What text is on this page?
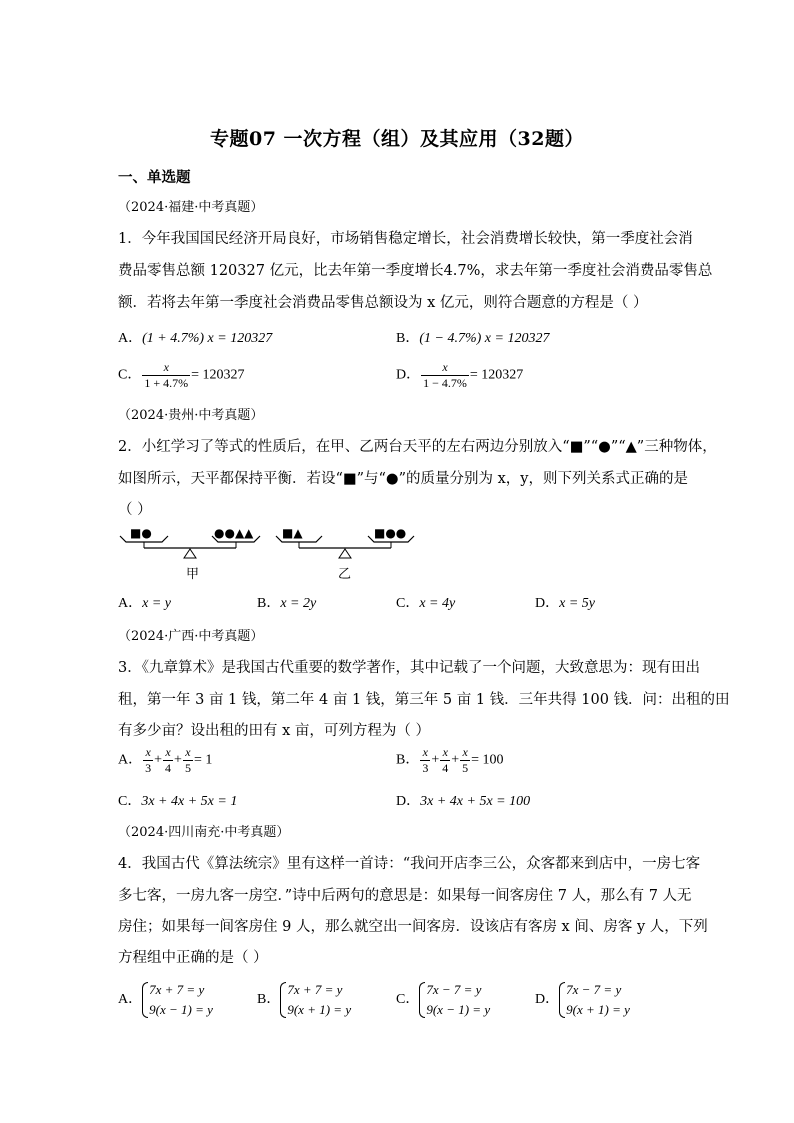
专题07 一次方程（组）及其应用（32题）
一、单选题
（2024·福建·中考真题）
1．今年我国国民经济开局良好，市场销售稳定增长，社会消费增长较快，第一季度社会消
费品零售总额 120327 亿元，比去年第一季度增长4.7%，求去年第一季度社会消费品零售总
额．若将去年第一季度社会消费品零售总额设为 x 亿元，则符合题意的方程是（ ）
A．(1 + 4.7%) x = 120327	B．(1 − 4.7%) x = 120327
C． $\frac{x}{1 + 4.7\%} = 120327$	D． $\frac{x}{1 - 4.7\%} = 120327$
（2024·贵州·中考真题）
2．小红学习了等式的性质后，在甲、乙两台天平的左右两边分别放入“■”“●”“▲”三种物体，
如图所示，天平都保持平衡．若设“■”与“●”的质量分别为 x，y，则下列关系式正确的是
（ ）
■●	●●▲▲
甲
■▲	■●●
乙
A．x = y	B．x = 2y	C．x = 4y	D．x = 5y
（2024·广西·中考真题）
3．《九章算术》是我国古代重要的数学著作，其中记载了一个问题，大致意思为：现有田出
租，第一年 3 亩 1 钱，第二年 4 亩 1 钱，第三年 5 亩 1 钱．三年共得 100 钱．问：出租的田
有多少亩？设出租的田有 x 亩，可列方程为（ ）
A． $\frac{x}{3} + \frac{x}{4} + \frac{x}{5} = 1$	B． $\frac{x}{3} + \frac{x}{4} + \frac{x}{5} = 100$
C．3x + 4x + 5x = 1	D．3x + 4x + 5x = 100
（2024·四川南充·中考真题）
4．我国古代《算法统宗》里有这样一首诗：“我问开店李三公，众客都来到店中，一房七客
多七客，一房九客一房空．”诗中后两句的意思是：如果每一间客房住 7 人，那么有 7 人无
房住；如果每一间客房住 9 人，那么就空出一间客房．设该店有客房 x 间、房客 y 人，下列
方程组中正确的是（ ）
A．
7x + 7 = y
9(x − 1) = y
B．
7x + 7 = y
9(x + 1) = y
C．
7x − 7 = y
9(x − 1) = y
D．
7x − 7 = y
9(x + 1) = y
